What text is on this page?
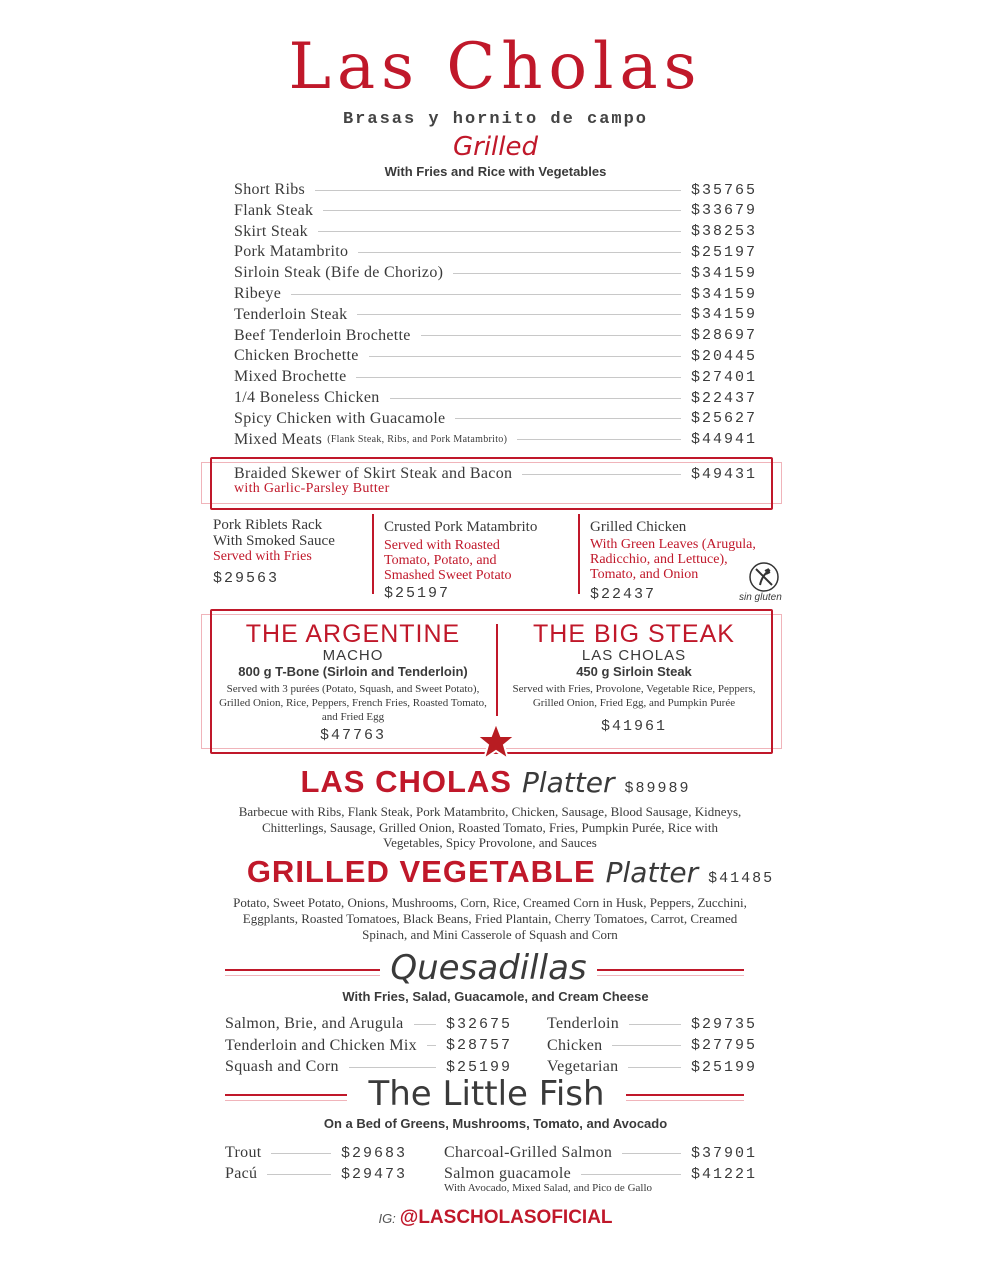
Las Cholas
Brasas y hornito de campo
Grilled
With Fries and Rice with Vegetables
Braided Skewer of Skirt Steak and Bacon	$49431
with Garlic-Parsley Butter
Pork Riblets Rack
With Smoked Sauce
Served with Fries
$29563
Crusted Pork Matambrito
Served with Roasted
Tomato, Potato, and
Smashed Sweet Potato
$25197
Grilled Chicken
With Green Leaves (Arugula,
Radicchio, and Lettuce),
Tomato, and Onion
$22437	sin gluten
THE ARGENTINE
MACHO
800 g T-Bone (Sirloin and Tenderloin)
Served with 3 purées (Potato, Squash, and Sweet Potato), Grilled Onion, Rice, Peppers, French Fries, Roasted Tomato, and Fried Egg
$47763
THE BIG STEAK
LAS CHOLAS
450 g Sirloin Steak
Served with Fries, Provolone, Vegetable Rice, Peppers, Grilled Onion, Fried Egg, and Pumpkin Purée
$41961
LAS CHOLAS Platter $89989
Barbecue with Ribs, Flank Steak, Pork Matambrito, Chicken, Sausage, Blood Sausage, Kidneys, Chitterlings, Sausage, Grilled Onion, Roasted Tomato, Fries, Pumpkin Purée, Rice with Vegetables, Spicy Provolone, and Sauces
GRILLED VEGETABLE Platter $41485
Potato, Sweet Potato, Onions, Mushrooms, Corn, Rice, Creamed Corn in Husk, Peppers, Zucchini, Eggplants, Roasted Tomatoes, Black Beans, Fried Plantain, Cherry Tomatoes, Carrot, Creamed Spinach, and Mini Casserole of Squash and Corn
Quesadillas
With Fries, Salad, Guacamole, and Cream Cheese
The Little Fish
On a Bed of Greens, Mushrooms, Tomato, and Avocado
With Avocado, Mixed Salad, and Pico de Gallo
IG: @LASCHOLASOFICIAL
Short Ribs	$35765
Flank Steak	$33679
Skirt Steak	$38253
Pork Matambrito	$25197
Sirloin Steak (Bife de Chorizo)	$34159
Ribeye	$34159
Tenderloin Steak	$34159
Beef Tenderloin Brochette	$28697
Chicken Brochette	$20445
Mixed Brochette	$27401
1/4 Boneless Chicken	$22437
Spicy Chicken with Guacamole	$25627
Mixed Meats (Flank Steak, Ribs, and Pork Matambrito)	$44941
Salmon, Brie, and Arugula	$32675
Tenderloin and Chicken Mix $28757
Squash and Corn	$25199
Tenderloin	$29735
Chicken	$27795
Vegetarian	$25199
Trout	$29683
Pacú	$29473
Charcoal-Grilled Salmon	$37901
Salmon guacamole	$41221
